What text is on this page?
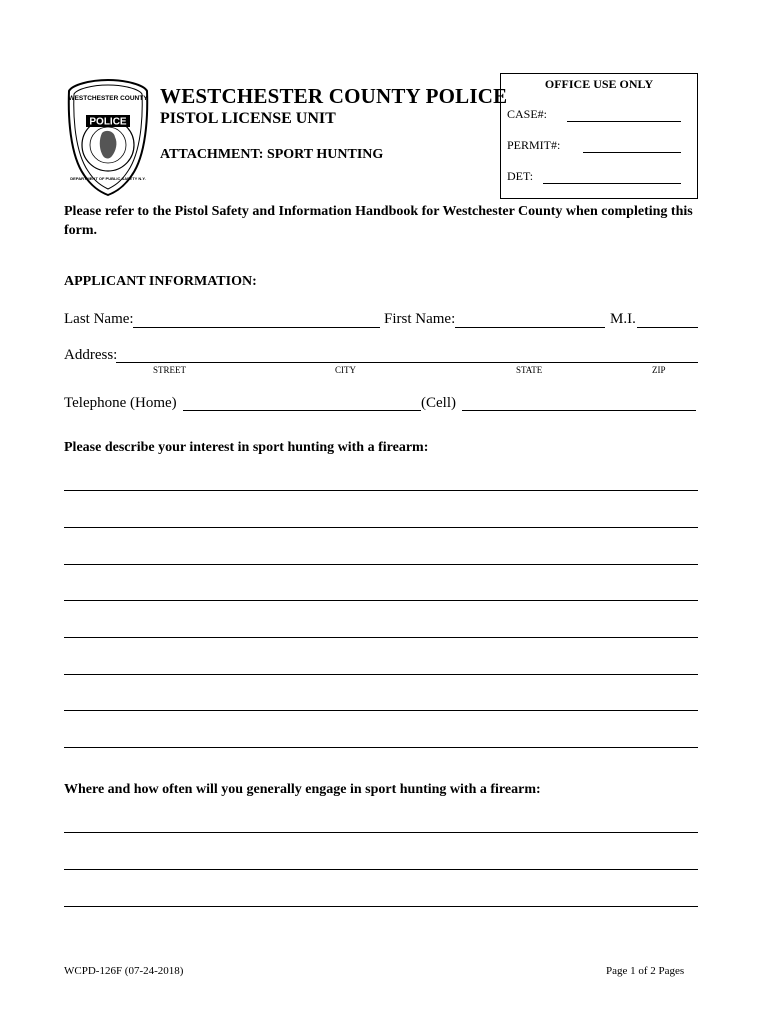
POLICE
WESTCHESTER COUNTY
DEPARTMENT OF PUBLIC SAFETY N.Y.
WESTCHESTER COUNTY POLICE
PISTOL LICENSE UNIT
ATTACHMENT: SPORT HUNTING
OFFICE USE ONLY
CASE#:
PERMIT#:
DET:
Please refer to the Pistol Safety and Information Handbook for Westchester County when completing this form.
APPLICANT INFORMATION:
Last Name:	First Name:	M.I.
Address:
STREET	CITY	STATE	ZIP
Telephone (Home)	(Cell)
Please describe your interest in sport hunting with a firearm:
Where and how often will you generally engage in sport hunting with a firearm:
WCPD-126F (07-24-2018)	Page 1 of 2 Pages
